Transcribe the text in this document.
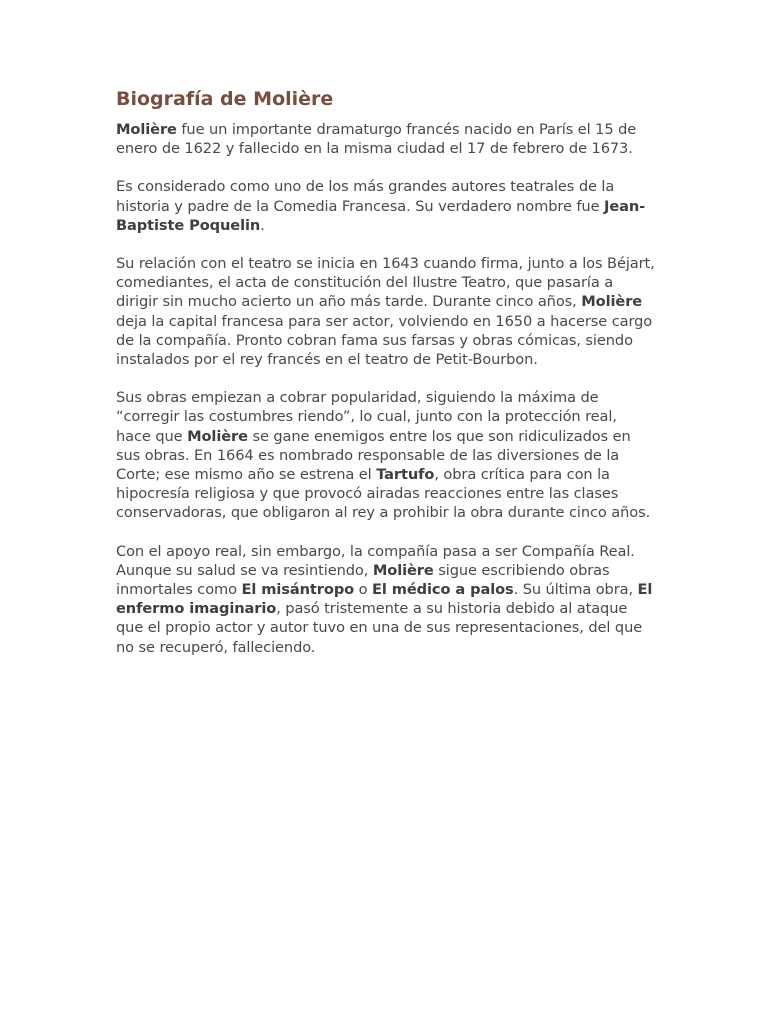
Biografía de Molière

Molière fue un importante dramaturgo francés nacido en París el 15 de enero de 1622 y fallecido en la misma ciudad el 17 de febrero de 1673.

Es considerado como uno de los más grandes autores teatrales de la historia y padre de la Comedia Francesa. Su verdadero nombre fue Jean-Baptiste Poquelin.

Su relación con el teatro se inicia en 1643 cuando firma, junto a los Béjart, comediantes, el acta de constitución del Ilustre Teatro, que pasaría a dirigir sin mucho acierto un año más tarde. Durante cinco años, Molière deja la capital francesa para ser actor, volviendo en 1650 a hacerse cargo de la compañía. Pronto cobran fama sus farsas y obras cómicas, siendo instalados por el rey francés en el teatro de Petit-Bourbon.

Sus obras empiezan a cobrar popularidad, siguiendo la máxima de “corregir las costumbres riendo”, lo cual, junto con la protección real, hace que Molière se gane enemigos entre los que son ridiculizados en sus obras. En 1664 es nombrado responsable de las diversiones de la Corte; ese mismo año se estrena el Tartufo, obra crítica para con la hipocresía religiosa y que provocó airadas reacciones entre las clases conservadoras, que obligaron al rey a prohibir la obra durante cinco años.

Con el apoyo real, sin embargo, la compañía pasa a ser Compañía Real. Aunque su salud se va resintiendo, Molière sigue escribiendo obras inmortales como El misántropo o El médico a palos. Su última obra, El enfermo imaginario, pasó tristemente a su historia debido al ataque que el propio actor y autor tuvo en una de sus representaciones, del que no se recuperó, falleciendo.
